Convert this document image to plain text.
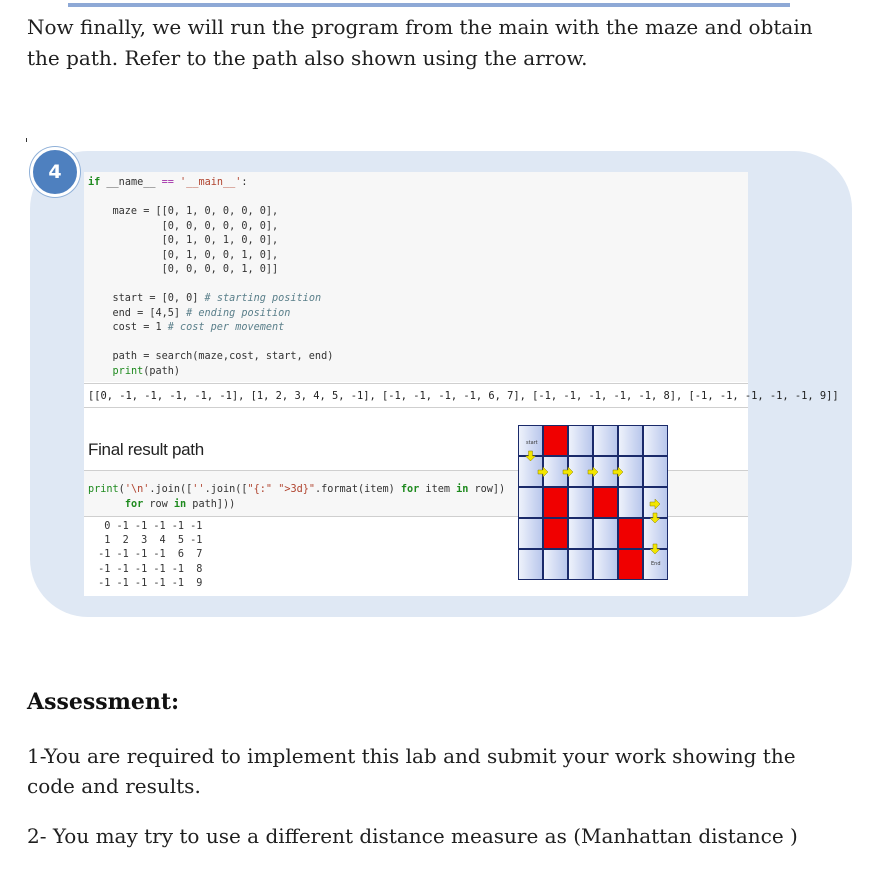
Now finally, we will run the program from the main with the maze and obtain the path. Refer to the path also shown using the arrow.

4	if __name__ == '__main__':

maze = [[0, 1, 0, 0, 0, 0],
[0, 0, 0, 0, 0, 0],
[0, 1, 0, 1, 0, 0],
[0, 1, 0, 0, 1, 0],
[0, 0, 0, 0, 1, 0]]

start = [0, 0] # starting position
end = [4,5] # ending position
cost = 1 # cost per movement

path = search(maze,cost, start, end)
print(path)
[[0, -1, -1, -1, -1, -1], [1, 2, 3, 4, 5, -1], [-1, -1, -1, -1, 6, 7], [-1, -1, -1, -1, -1, 8], [-1, -1, -1, -1, -1, 9]]
Final result path
print('\n'.join([''.join(["{:" ">3d}".format(item) for item in row])
for row in path]))
0 -1 -1 -1 -1 -1
1  2  3  4  5 -1
-1 -1 -1 -1  6  7
-1 -1 -1 -1 -1  8
-1 -1 -1 -1 -1  9
start
End
Assessment:

1-You are required to implement this lab and submit your work showing the code and results.

2- You may try to use a different distance measure as (Manhattan distance )
